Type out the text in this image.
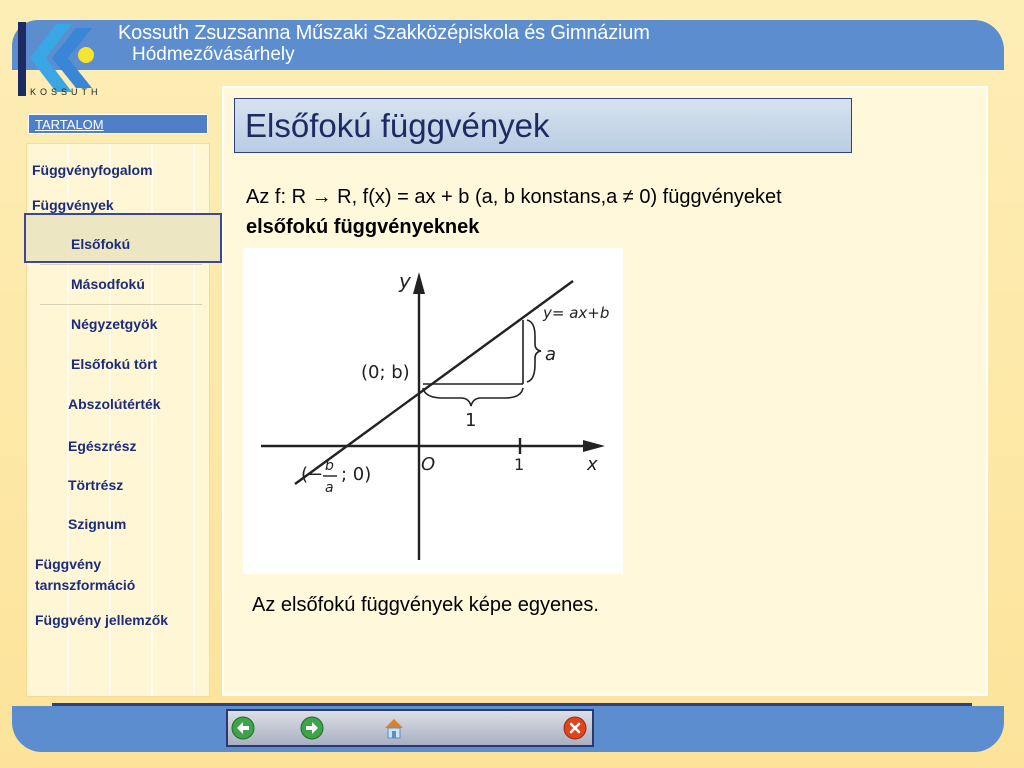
KOSSUTH
Kossuth Zsuzsanna Műszaki Szakközépiskola és Gimnázium
Hódmezővásárhely
TARTALOM
Függvényfogalom
Függvények
Elsőfokú
Másodfokú
Négyzetgyök
Elsőfokú tört
Abszolútérték
Egészrész
Törtrész
Szignum
Függvény tarnszformáció
Függvény jellemzők
Elsőfokú függvények
Az f: R → R, f(x) = ax + b (a, b konstans,a ≠ 0) függvényeket
elsőfokú függvényeknek
y
x
y= ax+b
a
1
(0; b)
O	1
(− b
a
; 0)
Az elsőfokú függvények képe egyenes.
